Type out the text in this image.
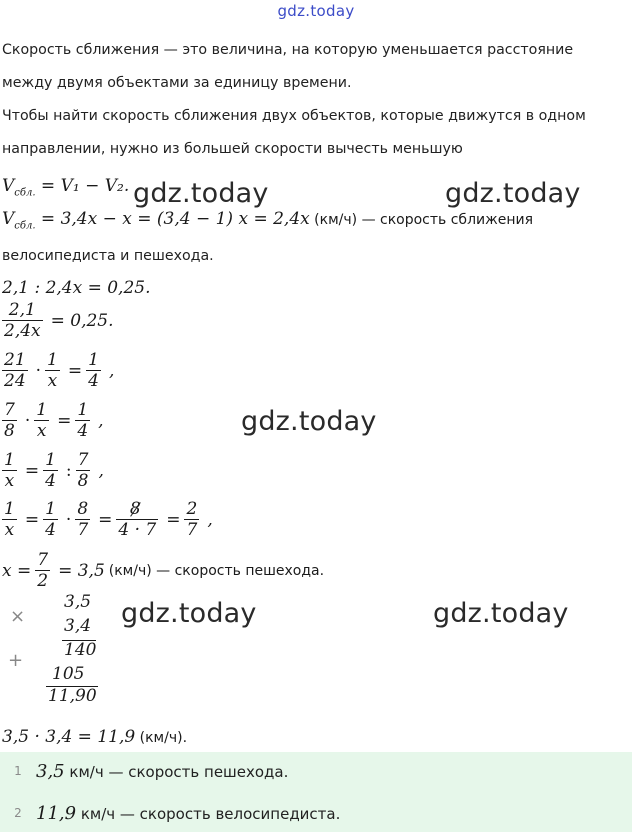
gdz.today
Скорость сближения — это величина, на которую уменьшается расстояние
между двумя объектами за единицу времени.
Чтобы найти скорость сближения двух объектов, которые движутся в одном
направлении, нужно из большей скорости вычесть меньшую
$V_{сбл.} = V_1 - V_2$.
$V_{сбл.} = 3,4x - x = (3,4 - 1) x = 2,4x$ (км/ч) — скорость сближения
велосипедиста и пешехода.
2,1 : 2,4x = 0,25.
$\frac{2,1}{2,4x} = 0,25$.
$\frac{21}{24} \cdot \frac{1}{x} = \frac{1}{4}$ ,
$\frac{7}{8} \cdot \frac{1}{x} = \frac{1}{4}$ ,
$\frac{1}{x} = \frac{1}{4}$ : $\frac{7}{8}$ ,
$\frac{1}{x} = \frac{1}{4} \cdot \frac{8}{7} = \frac{8}{4 \cdot 7} = \frac{2}{7}$ ,
$x = \frac{7}{2} = 3,5$ (км/ч) — скорость пешехода.
×
+
3,5
3,4
140
105
11,90
3,5 · 3,4 = 11,9 (км/ч).
1 3,5 км/ч — скорость пешехода.
2 11,9 км/ч — скорость велосипедиста.
gdz.today	gdz.today
gdz.today
gdz.today	gdz.today
